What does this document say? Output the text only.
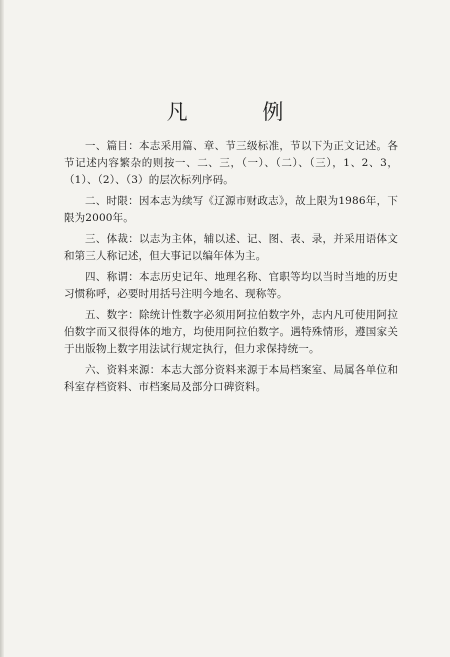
凡 例

一、篇目：本志采用篇、章、节三级标准，节以下为正文记述。各节记述内容繁杂的则按一、二、三，（一）、（二）、（三），1、2、3，（1）、（2）、（3）的层次标列序码。

二、时限：因本志为续写《辽源市财政志》，故上限为1986年，下限为2000年。

三、体裁：以志为主体，辅以述、记、图、表、录，并采用语体文和第三人称记述，但大事记以编年体为主。

四、称谓：本志历史记年、地理名称、官职等均以当时当地的历史习惯称呼，必要时用括号注明今地名、现称等。

五、数字：除统计性数字必须用阿拉伯数字外，志内凡可使用阿拉伯数字而又很得体的地方，均使用阿拉伯数字。遇特殊情形，遵国家关于出版物上数字用法试行规定执行，但力求保持统一。

六、资料来源：本志大部分资料来源于本局档案室、局属各单位和科室存档资料、市档案局及部分口碑资料。
